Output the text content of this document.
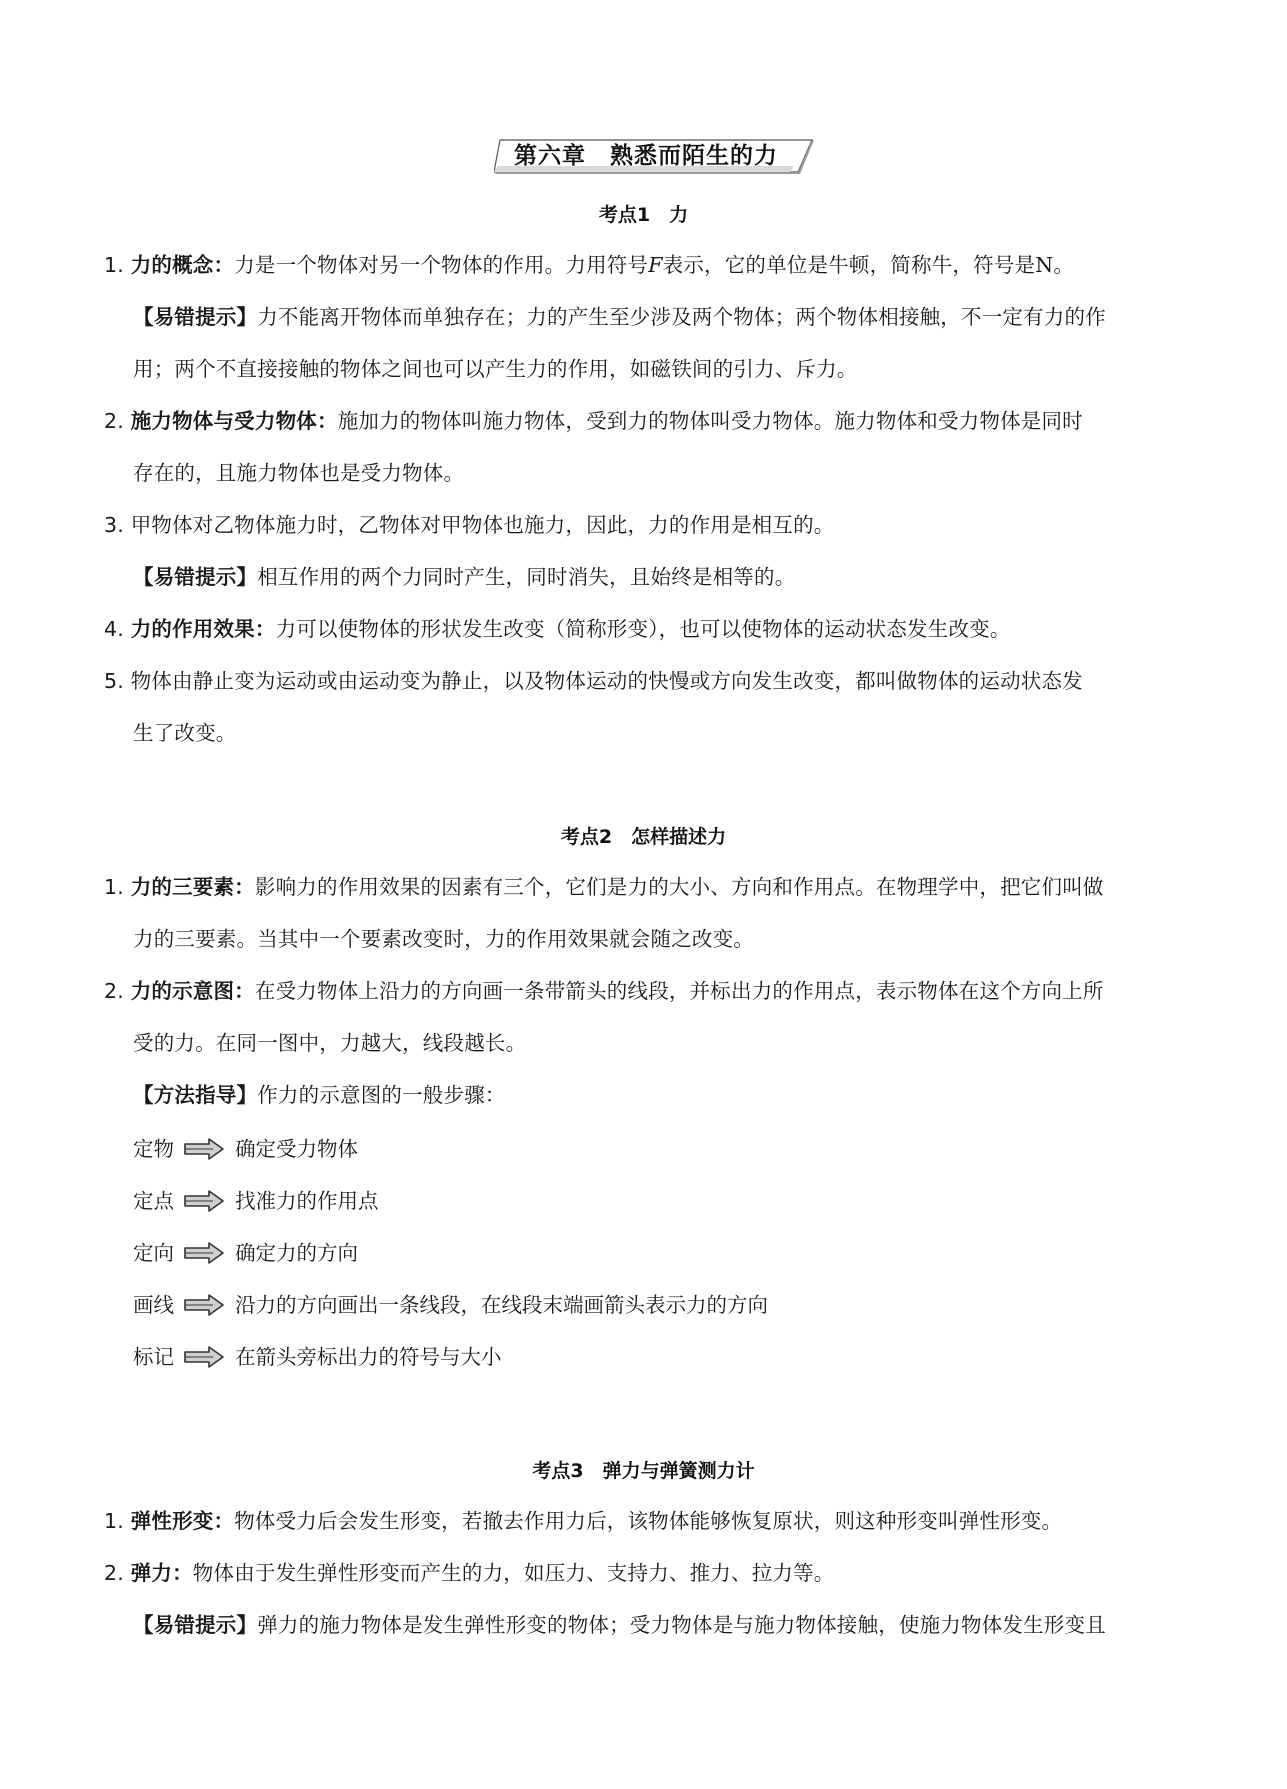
第六章　熟悉而陌生的力
考点1　力
1. 力的概念：力是一个物体对另一个物体的作用。力用符号F表示，它的单位是牛顿，简称牛，符号是N。
【易错提示】力不能离开物体而单独存在；力的产生至少涉及两个物体；两个物体相接触，不一定有力的作
用；两个不直接接触的物体之间也可以产生力的作用，如磁铁间的引力、斥力。
2. 施力物体与受力物体：施加力的物体叫施力物体，受到力的物体叫受力物体。施力物体和受力物体是同时
存在的，且施力物体也是受力物体。
3. 甲物体对乙物体施力时，乙物体对甲物体也施力，因此，力的作用是相互的。
【易错提示】相互作用的两个力同时产生，同时消失，且始终是相等的。
4. 力的作用效果：力可以使物体的形状发生改变（简称形变），也可以使物体的运动状态发生改变。
5. 物体由静止变为运动或由运动变为静止，以及物体运动的快慢或方向发生改变，都叫做物体的运动状态发
生了改变。
考点2　怎样描述力
1. 力的三要素：影响力的作用效果的因素有三个，它们是力的大小、方向和作用点。在物理学中，把它们叫做
力的三要素。当其中一个要素改变时，力的作用效果就会随之改变。
2. 力的示意图：在受力物体上沿力的方向画一条带箭头的线段，并标出力的作用点，表示物体在这个方向上所
受的力。在同一图中，力越大，线段越长。
【方法指导】作力的示意图的一般步骤：
定物	确定受力物体
定点	找准力的作用点
定向	确定力的方向
画线	沿力的方向画出一条线段，在线段末端画箭头表示力的方向
标记	在箭头旁标出力的符号与大小
考点3　弹力与弹簧测力计
1. 弹性形变：物体受力后会发生形变，若撤去作用力后，该物体能够恢复原状，则这种形变叫弹性形变。
2. 弹力：物体由于发生弹性形变而产生的力，如压力、支持力、推力、拉力等。
【易错提示】弹力的施力物体是发生弹性形变的物体；受力物体是与施力物体接触，使施力物体发生形变且
